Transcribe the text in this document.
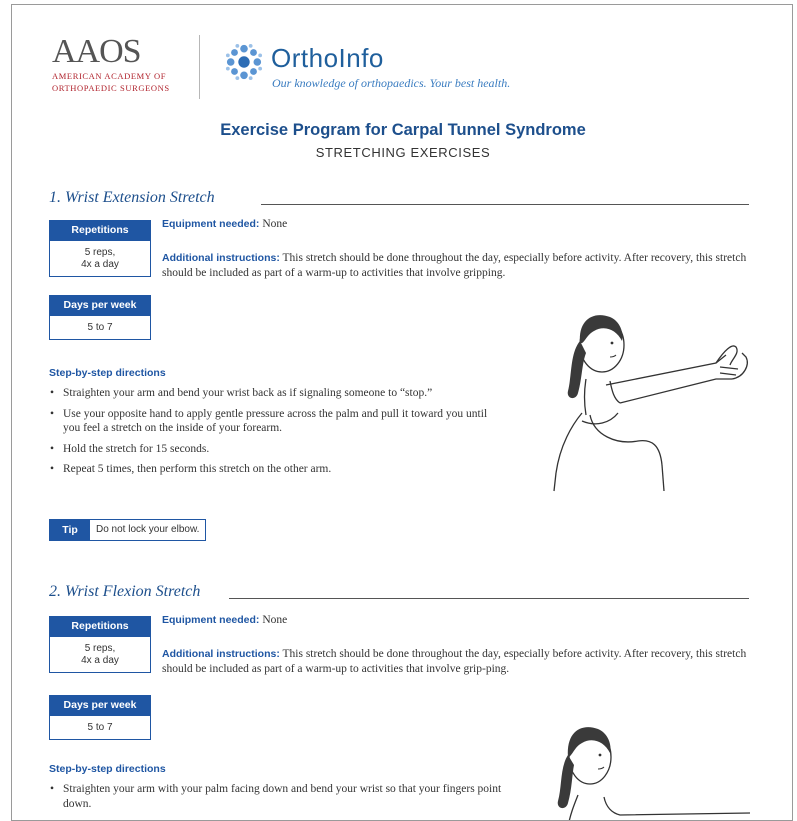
AAOS
AMERICAN ACADEMY OF
ORTHOPAEDIC SURGEONS
OrthoInfo
Our knowledge of orthopaedics. Your best health.
Exercise Program for Carpal Tunnel Syndrome
STRETCHING EXERCISES
1. Wrist Extension Stretch
Repetitions
5 reps,
4x a day
Days per week
5 to 7
Equipment needed: None
Additional instructions: This stretch should be done throughout the day, especially before activity. After recovery, this stretch should be included as part of a warm-up to activities that involve gripping.
Step-by-step directions
• Straighten your arm and bend your wrist back as if signaling someone to “stop.”
• Use your opposite hand to apply gentle pressure across the palm and pull it toward you until you feel a stretch on the inside of your forearm.
• Hold the stretch for 15 seconds.
• Repeat 5 times, then perform this stretch on the other arm.
Tip	Do not lock your elbow.
2. Wrist Flexion Stretch
Repetitions
5 reps,
4x a day
Days per week
5 to 7
Equipment needed: None
Additional instructions: This stretch should be done throughout the day, especially before activity. After recovery, this stretch should be included as part of a warm-up to activities that involve grip-ping.
Step-by-step directions
• Straighten your arm with your palm facing down and bend your wrist so that your fingers point down.
